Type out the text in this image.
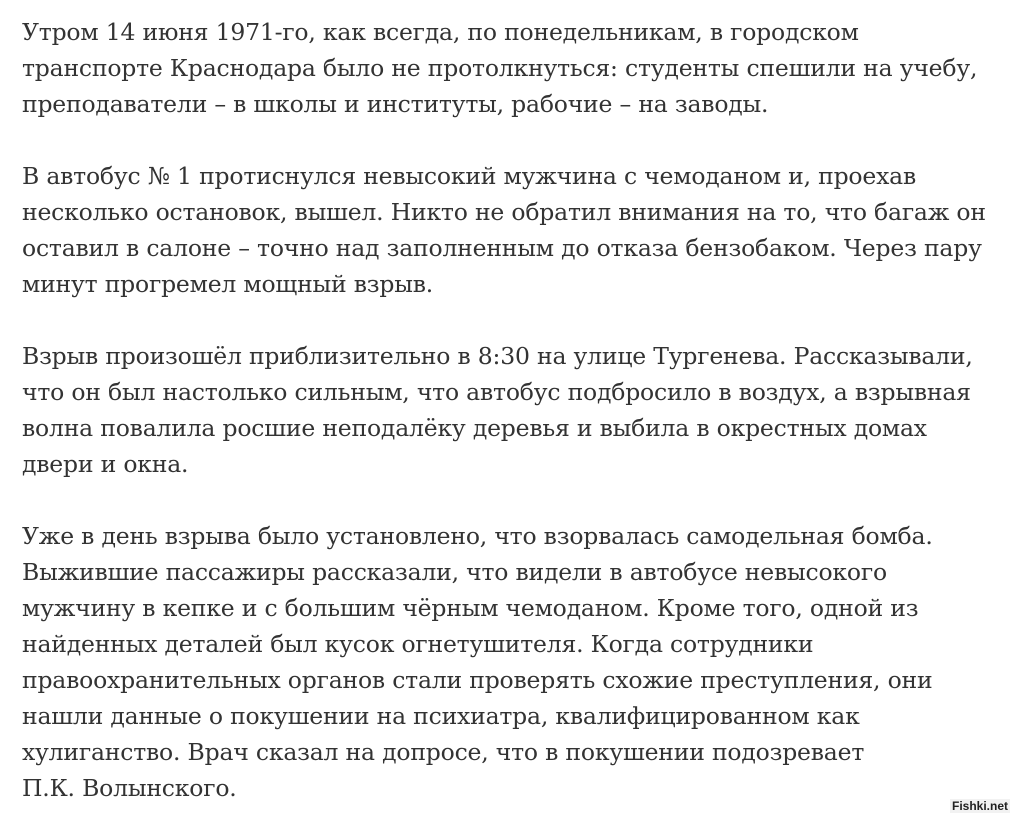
Утром 14 июня 1971-го, как всегда, по понедельникам, в городском
транспорте Краснодара было не протолкнуться: студенты спешили на учебу,
преподаватели – в школы и институты, рабочие – на заводы.

В автобус № 1 протиснулся невысокий мужчина с чемоданом и, проехав
несколько остановок, вышел. Никто не обратил внимания на то, что багаж он
оставил в салоне – точно над заполненным до отказа бензобаком. Через пару
минут прогремел мощный взрыв.

Взрыв произошёл приблизительно в 8:30 на улице Тургенева. Рассказывали,
что он был настолько сильным, что автобус подбросило в воздух, а взрывная
волна повалила росшие неподалёку деревья и выбила в окрестных домах
двери и окна.

Уже в день взрыва было установлено, что взорвалась самодельная бомба.
Выжившие пассажиры рассказали, что видели в автобусе невысокого
мужчину в кепке и с большим чёрным чемоданом. Кроме того, одной из
найденных деталей был кусок огнетушителя. Когда сотрудники
правоохранительных органов стали проверять схожие преступления, они
нашли данные о покушении на психиатра, квалифицированном как
хулиганство. Врач сказал на допросе, что в покушении подозревает
П.К. Волынского.

Fishki.net
